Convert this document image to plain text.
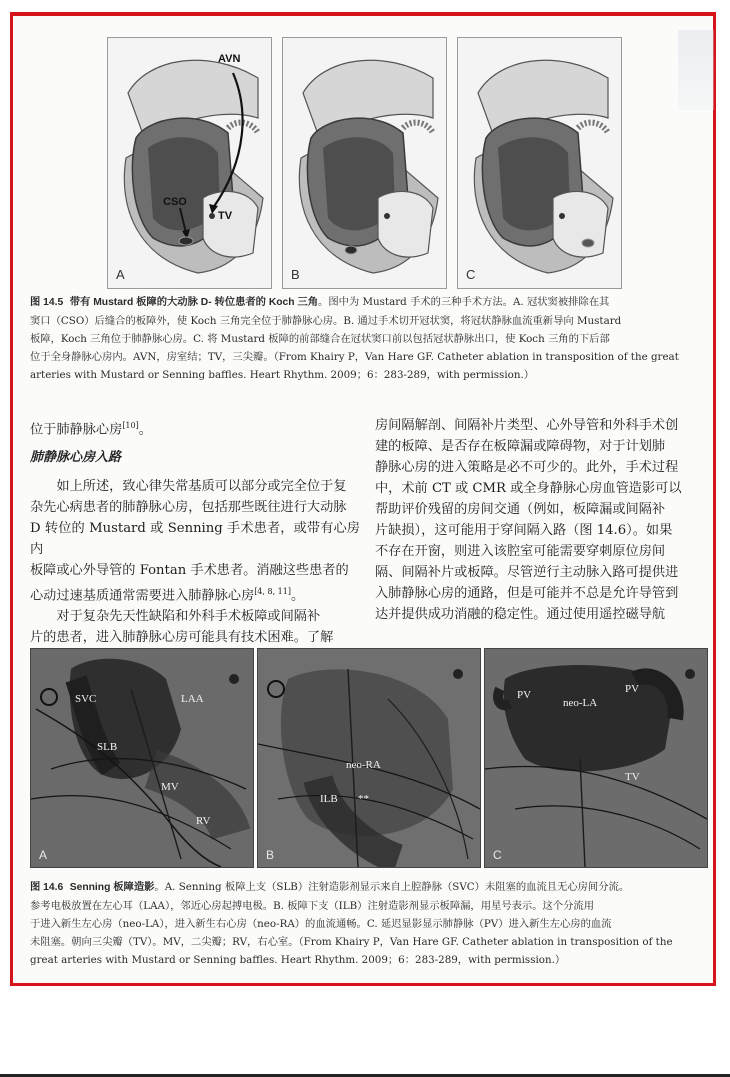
AVN
CSO
TV
A	B	C
图 14.5 带有 Mustard 板障的大动脉 D- 转位患者的 Koch 三角。图中为 Mustard 手术的三种手术方法。A. 冠状窦被排除在其
窦口（CSO）后缝合的板障外，使 Koch 三角完全位于肺静脉心房。B. 通过手术切开冠状窦，将冠状静脉血流重新导向 Mustard
板障，Koch 三角位于肺静脉心房。C. 将 Mustard 板障的前部缝合在冠状窦口前以包括冠状静脉出口，使 Koch 三角的下后部
位于全身静脉心房内。AVN，房室结；TV，三尖瓣。（From Khairy P，Van Hare GF. Catheter ablation in transposition of the great
arteries with Mustard or Senning baffles. Heart Rhythm. 2009；6：283-289，with permission.）
位于肺静脉心房[10]。
肺静脉心房入路
如上所述，致心律失常基质可以部分或完全位于复
杂先心病患者的肺静脉心房，包括那些既往进行大动脉
D 转位的 Mustard 或 Senning 手术患者，或带有心房内
板障或心外导管的 Fontan 手术患者。消融这些患者的
心动过速基质通常需要进入肺静脉心房[4, 8, 11]。
对于复杂先天性缺陷和外科手术板障或间隔补
片的患者，进入肺静脉心房可能具有技术困难。了解
房间隔解剖、间隔补片类型、心外导管和外科手术创
建的板障、是否存在板障漏或障碍物，对于计划肺
静脉心房的进入策略是必不可少的。此外，手术过程
中，术前 CT 或 CMR 或全身静脉心房血管造影可以
帮助评价残留的房间交通（例如，板障漏或间隔补
片缺损），这可能用于穿间隔入路（图 14.6）。如果
不存在开窗，则进入该腔室可能需要穿刺原位房间
隔、间隔补片或板障。尽管逆行主动脉入路可提供进
入肺静脉心房的通路，但是可能并不总是允许导管到
达并提供成功消融的稳定性。通过使用遥控磁导航
SVC	LAA
SLB
MV
RV
A
neo-RA
ILB **
B
PV
neo-LA
PV
TV
C
图 14.6 Senning 板障造影。A. Senning 板障上支（SLB）注射造影剂显示来自上腔静脉（SVC）未阻塞的血流且无心房间分流。
参考电极放置在左心耳（LAA），邻近心房起搏电极。B. 板障下支（ILB）注射造影剂显示板障漏，用星号表示。这个分流用
于进入新生左心房（neo-LA），进入新生右心房（neo-RA）的血流通畅。C. 延迟显影显示肺静脉（PV）进入新生左心房的血流
未阻塞。朝向三尖瓣（TV）。MV，二尖瓣；RV，右心室。（From Khairy P，Van Hare GF. Catheter ablation in transposition of the
great arteries with Mustard or Senning baffles. Heart Rhythm. 2009；6：283-289，with permission.）
